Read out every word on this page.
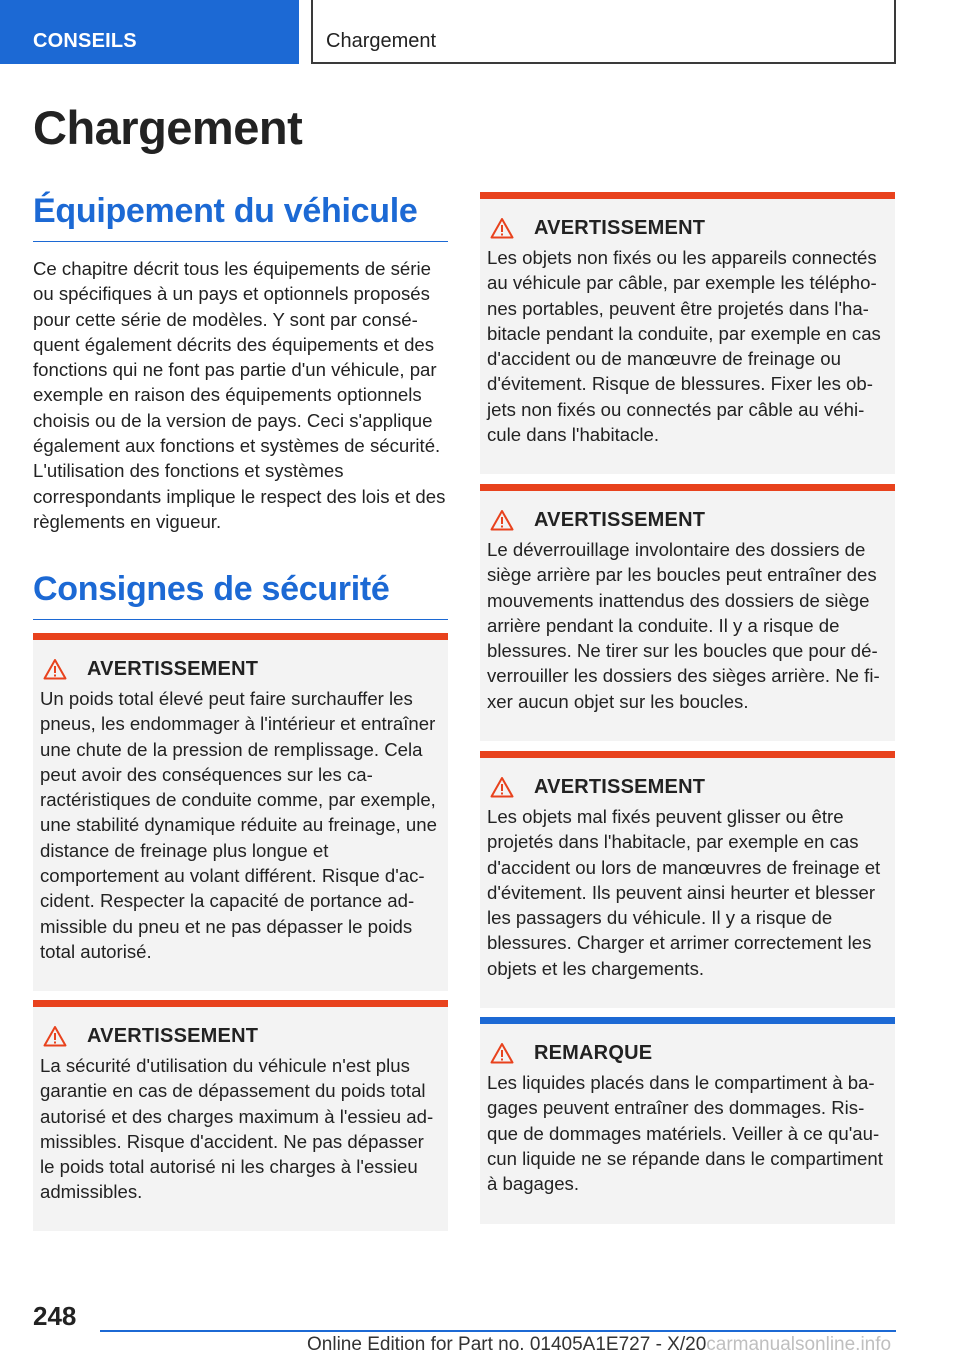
CONSEILS	Chargement
Chargement
Équipement du véhicule

Ce chapitre décrit tous les équipements de série ou spécifiques à un pays et optionnels proposés pour cette série de modèles. Y sont par conséquent également décrits des équipements et des fonctions qui ne font pas partie d'un véhicule, par exemple en raison des équipements optionnels choisis ou de la version de pays. Ceci s'applique également aux fonctions et systèmes de sécurité. L'utilisation des fonctions et systèmes correspondants implique le respect des lois et des règlements en vigueur.

Consignes de sécurité
AVERTISSEMENT
Un poids total élevé peut faire surchauffer les pneus, les endommager à l'intérieur et entraîner une chute de la pression de remplissage. Cela peut avoir des conséquences sur les caractéristiques de conduite comme, par exemple, une stabilité dynamique réduite au freinage, une distance de freinage plus longue et comportement au volant différent. Risque d'accident. Respecter la capacité de portance admissible du pneu et ne pas dépasser le poids total autorisé.
AVERTISSEMENT
La sécurité d'utilisation du véhicule n'est plus garantie en cas de dépassement du poids total autorisé et des charges maximum à l'essieu admissibles. Risque d'accident. Ne pas dépasser le poids total autorisé ni les charges à l'essieu admissibles.
AVERTISSEMENT
Les objets non fixés ou les appareils connectés au véhicule par câble, par exemple les téléphones portables, peuvent être projetés dans l'habitacle pendant la conduite, par exemple en cas d'accident ou de manœuvre de freinage ou d'évitement. Risque de blessures. Fixer les objets non fixés ou connectés par câble au véhicule dans l'habitacle.
AVERTISSEMENT
Le déverrouillage involontaire des dossiers de siège arrière par les boucles peut entraîner des mouvements inattendus des dossiers de siège arrière pendant la conduite. Il y a risque de blessures. Ne tirer sur les boucles que pour déverrouiller les dossiers des sièges arrière. Ne fixer aucun objet sur les boucles.
AVERTISSEMENT
Les objets mal fixés peuvent glisser ou être projetés dans l'habitacle, par exemple en cas d'accident ou lors de manœuvres de freinage et d'évitement. Ils peuvent ainsi heurter et blesser les passagers du véhicule. Il y a risque de blessures. Charger et arrimer correctement les objets et les chargements.
REMARQUE
Les liquides placés dans le compartiment à bagages peuvent entraîner des dommages. Risque de dommages matériels. Veiller à ce qu'aucun liquide ne se répande dans le compartiment à bagages.
248
Online Edition for Part no. 01405A1E727 - X/20carmanualsonline.info
